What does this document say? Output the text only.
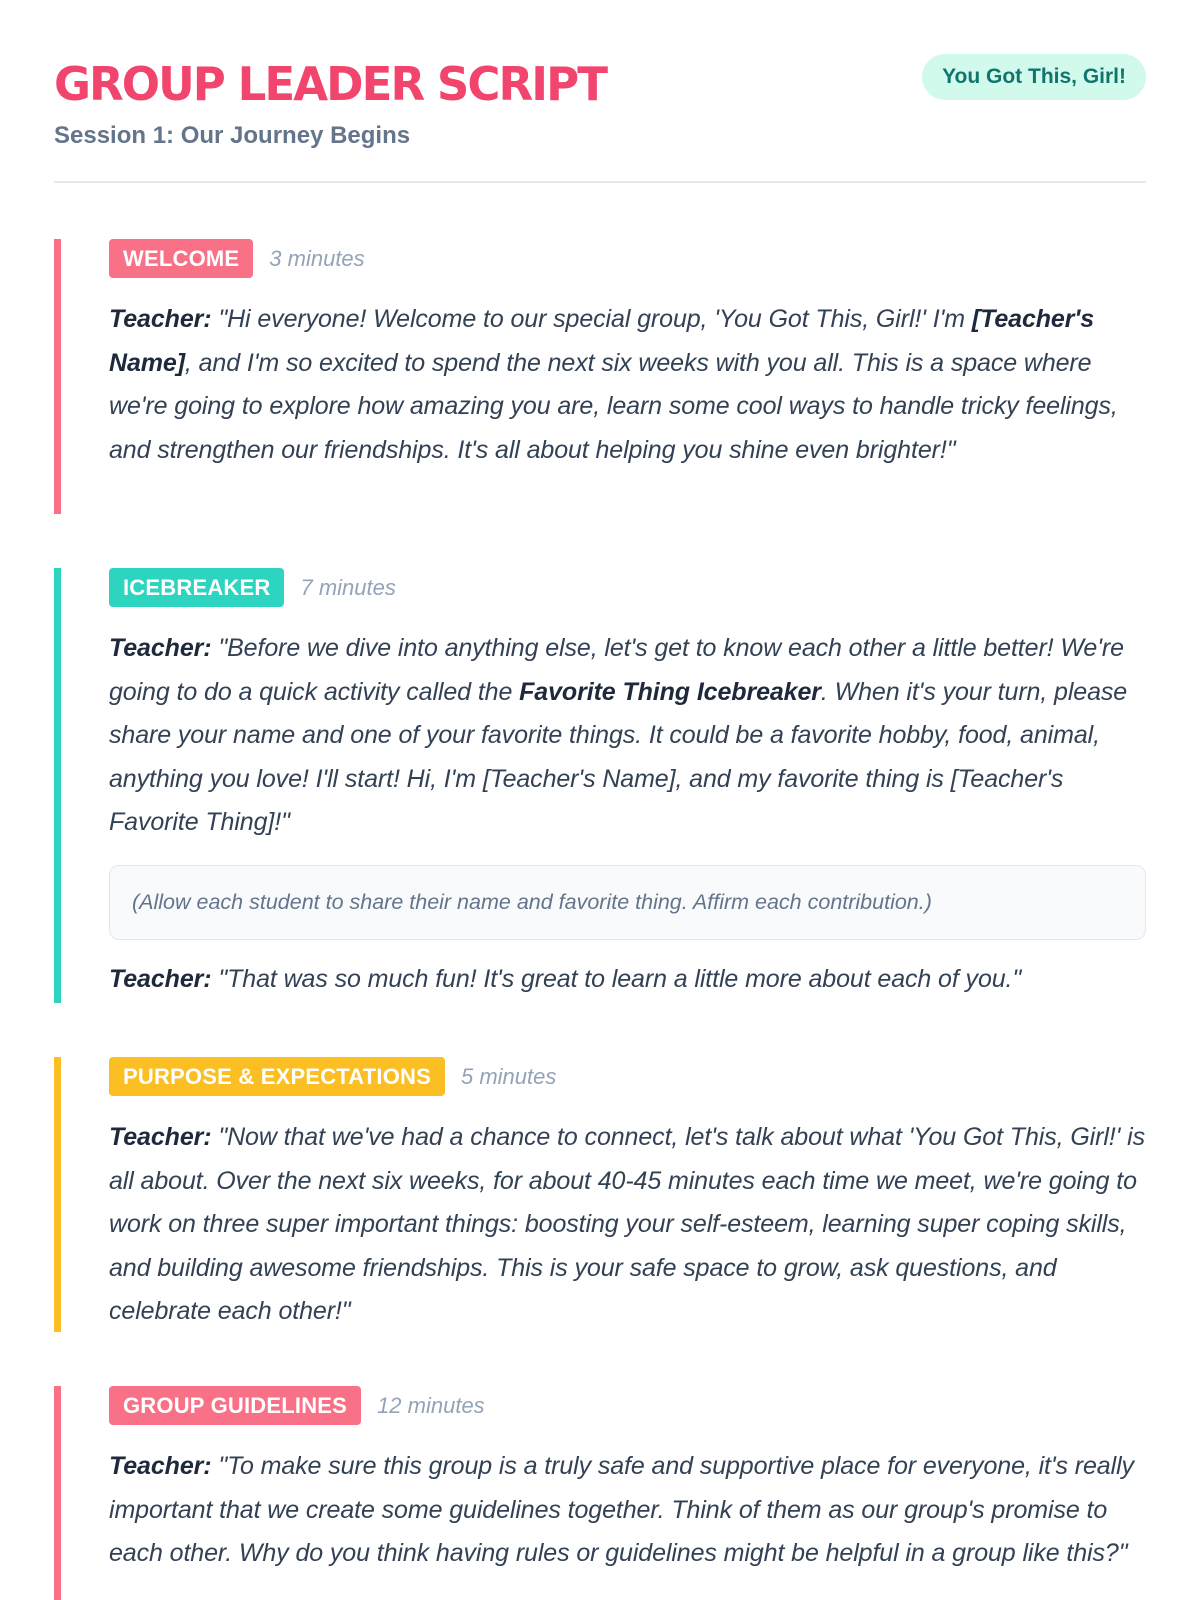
GROUP LEADER SCRIPT
Session 1: Our Journey Begins
You Got This, Girl!
WELCOME	3 minutes

Teacher: "Hi everyone! Welcome to our special group, 'You Got This, Girl!' I'm [Teacher's Name], and I'm so excited to spend the next six weeks with you all. This is a space where we're going to explore how amazing you are, learn some cool ways to handle tricky feelings, and strengthen our friendships. It's all about helping you shine even brighter!"

ICEBREAKER	7 minutes

Teacher: "Before we dive into anything else, let's get to know each other a little better! We're going to do a quick activity called the Favorite Thing Icebreaker. When it's your turn, please share your name and one of your favorite things. It could be a favorite hobby, food, animal, anything you love! I'll start! Hi, I'm [Teacher's Name], and my favorite thing is [Teacher's Favorite Thing]!"

(Allow each student to share their name and favorite thing. Affirm each contribution.)

Teacher: "That was so much fun! It's great to learn a little more about each of you."

PURPOSE & EXPECTATIONS	5 minutes

Teacher: "Now that we've had a chance to connect, let's talk about what 'You Got This, Girl!' is all about. Over the next six weeks, for about 40-45 minutes each time we meet, we're going to work on three super important things: boosting your self-esteem, learning super coping skills, and building awesome friendships. This is your safe space to grow, ask questions, and celebrate each other!"

GROUP GUIDELINES	12 minutes

Teacher: "To make sure this group is a truly safe and supportive place for everyone, it's really important that we create some guidelines together. Think of them as our group's promise to each other. Why do you think having rules or guidelines might be helpful in a group like this?"
